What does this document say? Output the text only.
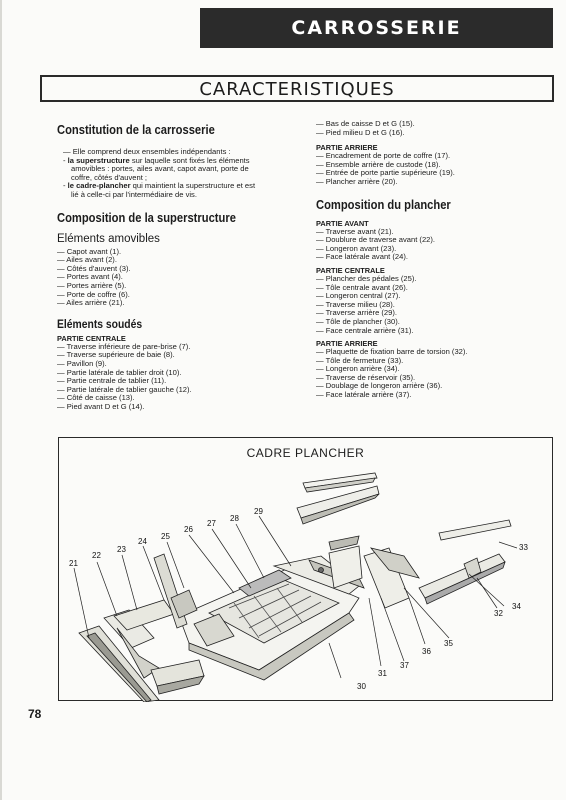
CARROSSERIE
CARACTERISTIQUES
Constitution de la carrosserie
— Elle comprend deux ensembles indépendants :
- la superstructure sur laquelle sont fixés les éléments
amovibles : portes, ailes avant, capot avant, porte de
coffre, côtés d'auvent ;
- le cadre-plancher qui maintient la superstructure et est
lié à celle-ci par l'intermédiaire de vis.
Composition de la superstructure
Eléments amovibles
— Capot avant (1).
— Ailes avant (2).
— Côtés d'auvent (3).
— Portes avant (4).
— Portes arrière (5).
— Porte de coffre (6).
— Ailes arrière (21).
Eléments soudés
PARTIE CENTRALE
— Traverse inférieure de pare-brise (7).
— Traverse supérieure de baie (8).
— Pavillon (9).
— Partie latérale de tablier droit (10).
— Partie centrale de tablier (11).
— Partie latérale de tablier gauche (12).
— Côté de caisse (13).
— Pied avant D et G (14).
— Bas de caisse D et G (15).
— Pied milieu D et G (16).
PARTIE ARRIERE
— Encadrement de porte de coffre (17).
— Ensemble arrière de custode (18).
— Entrée de porte partie supérieure (19).
— Plancher arrière (20).
Composition du plancher
PARTIE AVANT
— Traverse avant (21).
— Doublure de traverse avant (22).
— Longeron avant (23).
— Face latérale avant (24).
PARTIE CENTRALE
— Plancher des pédales (25).
— Tôle centrale avant (26).
— Longeron central (27).
— Traverse milieu (28).
— Traverse arrière (29).
— Tôle de plancher (30).
— Face centrale arrière (31).
PARTIE ARRIERE
— Plaquette de fixation barre de torsion (32).
— Tôle de fermeture (33).
— Longeron arrière (34).
— Traverse de réservoir (35).
— Doublage de longeron arrière (36).
— Face latérale arrière (37).
CADRE PLANCHER
21
22
23
24
25
26
27
28
29
30
31
32
33
34
35
36
37
78
